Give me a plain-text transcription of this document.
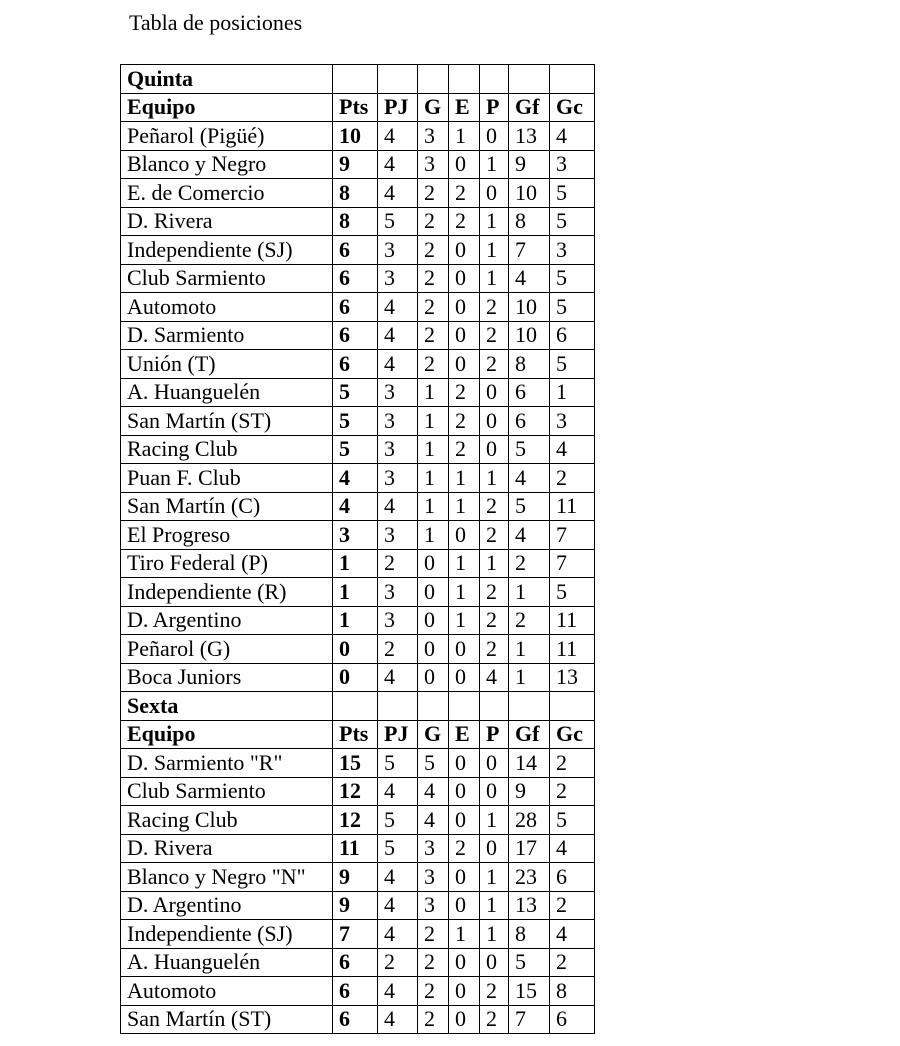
Tabla de posiciones

Quinta							
Equipo	Pts	PJ	G	E	P	Gf	Gc
Peñarol (Pigüé)	10	4	3	1	0	13	4
Blanco y Negro	9	4	3	0	1	9	3
E. de Comercio	8	4	2	2	0	10	5
D. Rivera	8	5	2	2	1	8	5
Independiente (SJ)	6	3	2	0	1	7	3
Club Sarmiento	6	3	2	0	1	4	5
Automoto	6	4	2	0	2	10	5
D. Sarmiento	6	4	2	0	2	10	6
Unión (T)	6	4	2	0	2	8	5
A. Huanguelén	5	3	1	2	0	6	1
San Martín (ST)	5	3	1	2	0	6	3
Racing Club	5	3	1	2	0	5	4
Puan F. Club	4	3	1	1	1	4	2
San Martín (C)	4	4	1	1	2	5	11
El Progreso	3	3	1	0	2	4	7
Tiro Federal (P)	1	2	0	1	1	2	7
Independiente (R)	1	3	0	1	2	1	5
D. Argentino	1	3	0	1	2	2	11
Peñarol (G)	0	2	0	0	2	1	11
Boca Juniors	0	4	0	0	4	1	13
Sexta							
Equipo	Pts	PJ	G	E	P	Gf	Gc
D. Sarmiento "R"	15	5	5	0	0	14	2
Club Sarmiento	12	4	4	0	0	9	2
Racing Club	12	5	4	0	1	28	5
D. Rivera	11	5	3	2	0	17	4
Blanco y Negro "N"	9	4	3	0	1	23	6
D. Argentino	9	4	3	0	1	13	2
Independiente (SJ)	7	4	2	1	1	8	4
A. Huanguelén	6	2	2	0	0	5	2
Automoto	6	4	2	0	2	15	8
San Martín (ST)	6	4	2	0	2	7	6
